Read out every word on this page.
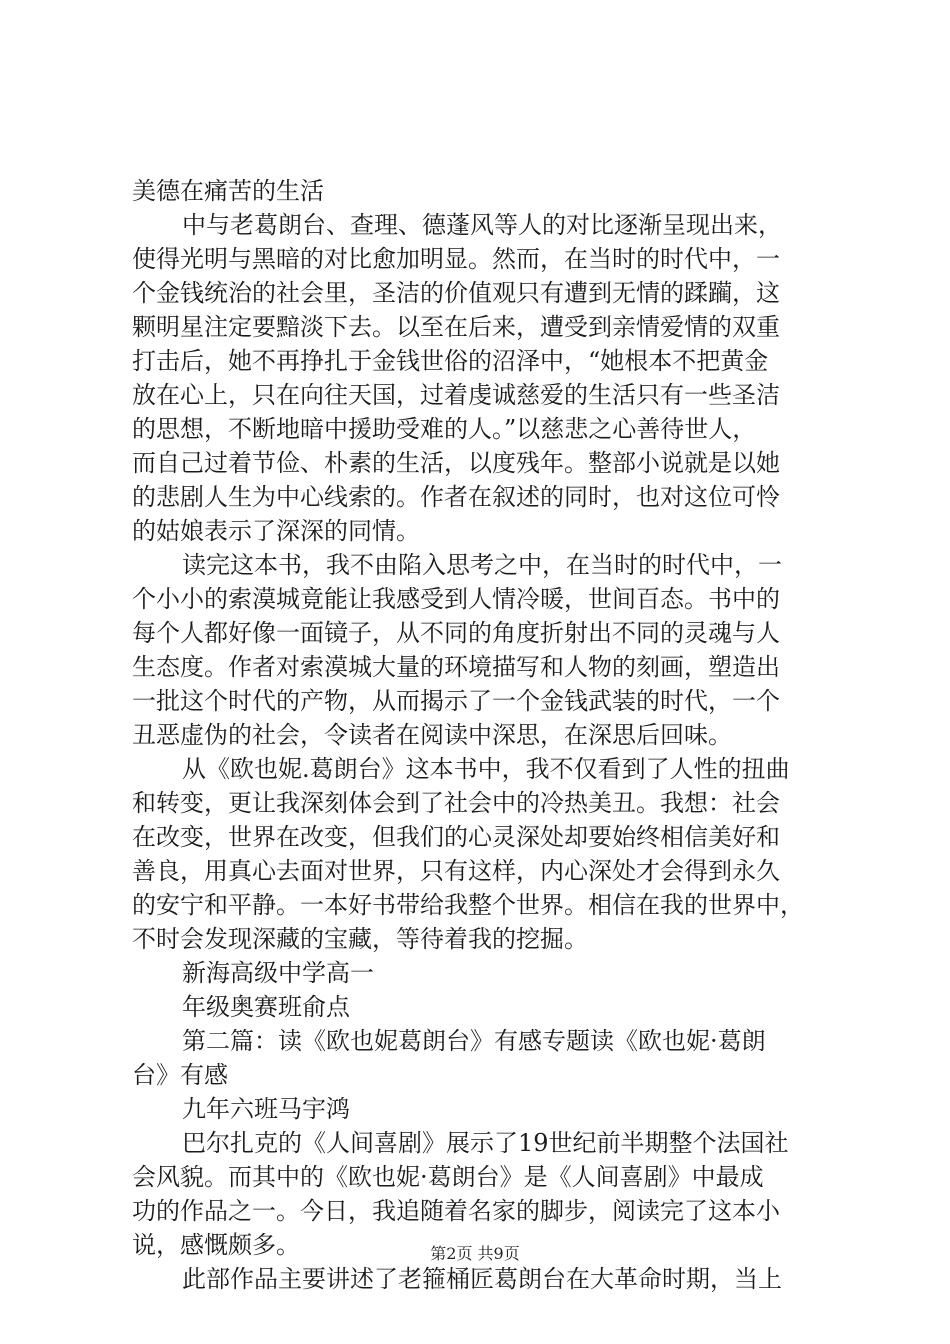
美德在痛苦的生活
中与老葛朗台、查理、德蓬风等人的对比逐渐呈现出来，
使得光明与黑暗的对比愈加明显。然而，在当时的时代中，一
个金钱统治的社会里，圣洁的价值观只有遭到无情的蹂躏，这
颗明星注定要黯淡下去。以至在后来，遭受到亲情爱情的双重
打击后，她不再挣扎于金钱世俗的沼泽中，“她根本不把黄金
放在心上，只在向往天国，过着虔诚慈爱的生活只有一些圣洁
的思想，不断地暗中援助受难的人。”以慈悲之心善待世人，
而自己过着节俭、朴素的生活，以度残年。整部小说就是以她
的悲剧人生为中心线索的。作者在叙述的同时，也对这位可怜
的姑娘表示了深深的同情。
读完这本书，我不由陷入思考之中，在当时的时代中，一
个小小的索漠城竟能让我感受到人情冷暖，世间百态。书中的
每个人都好像一面镜子，从不同的角度折射出不同的灵魂与人
生态度。作者对索漠城大量的环境描写和人物的刻画，塑造出
一批这个时代的产物，从而揭示了一个金钱武装的时代，一个
丑恶虚伪的社会，令读者在阅读中深思，在深思后回味。
从《欧也妮.葛朗台》这本书中，我不仅看到了人性的扭曲
和转变，更让我深刻体会到了社会中的冷热美丑。我想：社会
在改变，世界在改变，但我们的心灵深处却要始终相信美好和
善良，用真心去面对世界，只有这样，内心深处才会得到永久
的安宁和平静。一本好书带给我整个世界。相信在我的世界中，
不时会发现深藏的宝藏，等待着我的挖掘。
新海高级中学高一
年级奥赛班俞点
第二篇：读《欧也妮葛朗台》有感专题读《欧也妮·葛朗
台》有感
九年六班马宇鸿
巴尔扎克的《人间喜剧》展示了19世纪前半期整个法国社
会风貌。而其中的《欧也妮·葛朗台》是《人间喜剧》中最成
功的作品之一。今日，我追随着名家的脚步，阅读完了这本小
说，感慨颇多。
此部作品主要讲述了老箍桶匠葛朗台在大革命时期，当上
第2页 共9页
